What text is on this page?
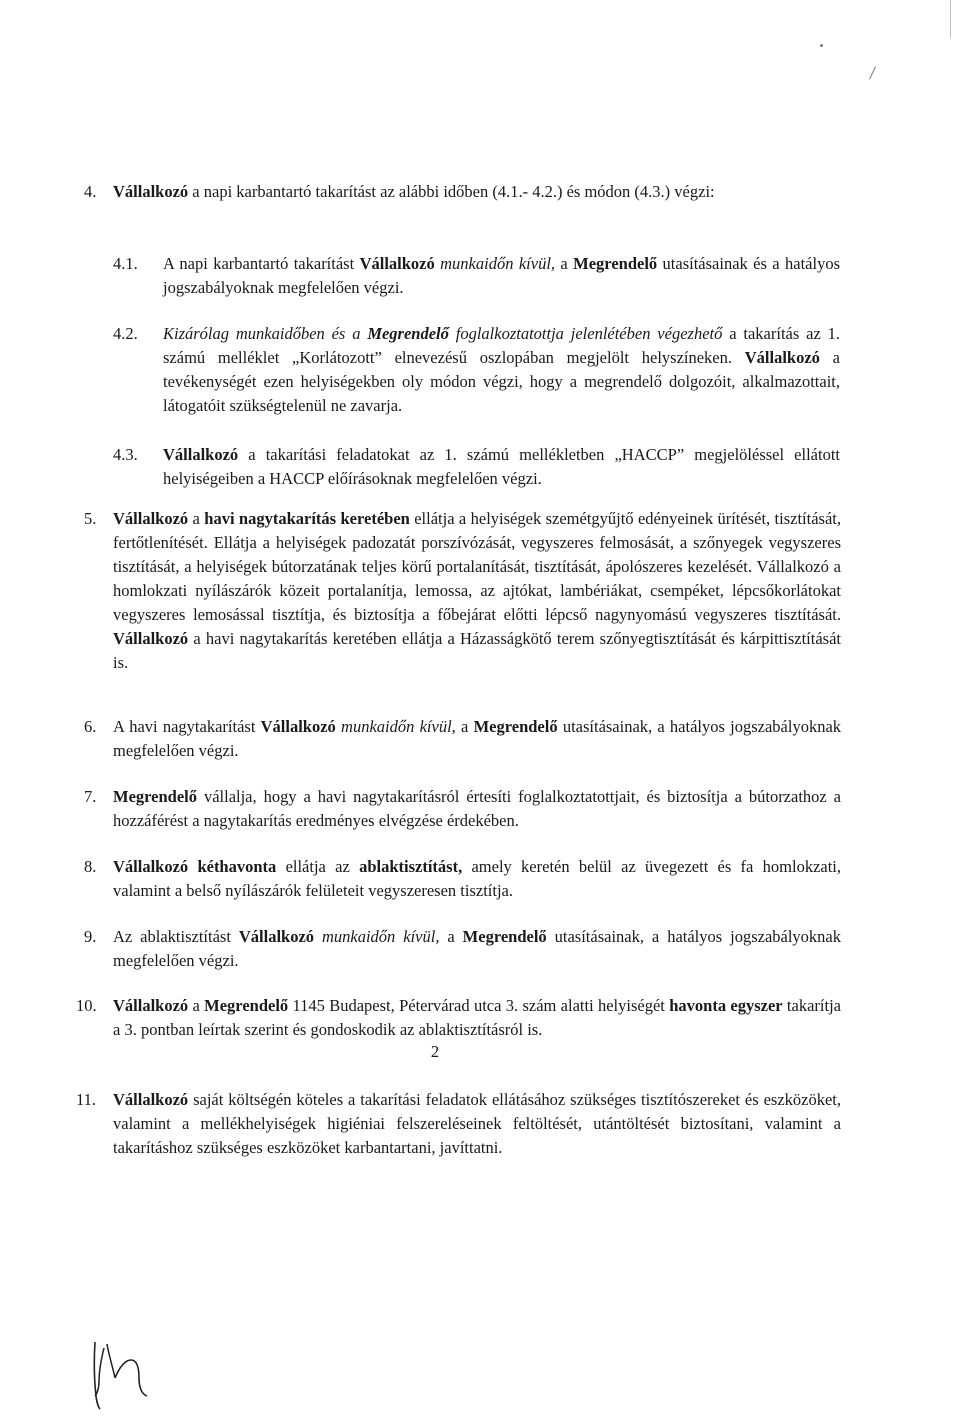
4. Vállalkozó a napi karbantartó takarítást az alábbi időben (4.1.- 4.2.) és módon (4.3.) végzi:
4.1. A napi karbantartó takarítást Vállalkozó munkaidőn kívül, a Megrendelő utasításainak és a hatályos jogszabályoknak megfelelően végzi.
4.2. Kizárólag munkaidőben és a Megrendelő foglalkoztatottja jelenlétében végezhető a takarítás az 1. számú melléklet „Korlátozott” elnevezésű oszlopában megjelölt helyszíneken. Vállalkozó a tevékenységét ezen helyiségekben oly módon végzi, hogy a megrendelő dolgozóit, alkalmazottait, látogatóit szükségtelenül ne zavarja.
4.3. Vállalkozó a takarítási feladatokat az 1. számú mellékletben „HACCP” megjelöléssel ellátott helyiségeiben a HACCP előírásoknak megfelelően végzi.
5. Vállalkozó a havi nagytakarítás keretében ellátja a helyiségek szemétgyűjtő edényeinek ürítését, tisztítását, fertőtlenítését. Ellátja a helyiségek padozatát porszívózását, vegyszeres felmosását, a szőnyegek vegyszeres tisztítását, a helyiségek bútorzatának teljes körű portalanítását, tisztítását, ápolószeres kezelését. Vállalkozó a homlokzati nyílászárók közeit portalanítja, lemossa, az ajtókat, lambériákat, csempéket, lépcsőkorlátokat vegyszeres lemosással tisztítja, és biztosítja a főbejárat előtti lépcső nagynyomású vegyszeres tisztítását. Vállalkozó a havi nagytakarítás keretében ellátja a Házasságkötő terem szőnyegtisztítását és kárpittisztítását is.
6. A havi nagytakarítást Vállalkozó munkaidőn kívül, a Megrendelő utasításainak, a hatályos jogszabályoknak megfelelően végzi.
7. Megrendelő vállalja, hogy a havi nagytakarításról értesíti foglalkoztatottjait, és biztosítja a bútorzathoz a hozzáférést a nagytakarítás eredményes elvégzése érdekében.
8. Vállalkozó kéthavonta ellátja az ablaktisztítást, amely keretén belül az üvegezett és fa homlokzati, valamint a belső nyílászárók felületeit vegyszeresen tisztítja.
9. Az ablaktisztítást Vállalkozó munkaidőn kívül, a Megrendelő utasításainak, a hatályos jogszabályoknak megfelelően végzi.
10. Vállalkozó a Megrendelő 1145 Budapest, Pétervárad utca 3. szám alatti helyiségét havonta egyszer takarítja a 3. pontban leírtak szerint és gondoskodik az ablaktisztításról is.
11. Vállalkozó saját költségén köteles a takarítási feladatok ellátásához szükséges tisztítószereket és eszközöket, valamint a mellékhelyiségek higiéniai felszereléseinek feltöltését, utántöltését biztosítani, valamint a takarításhoz szükséges eszközöket karbantartani, javíttatni.
2
